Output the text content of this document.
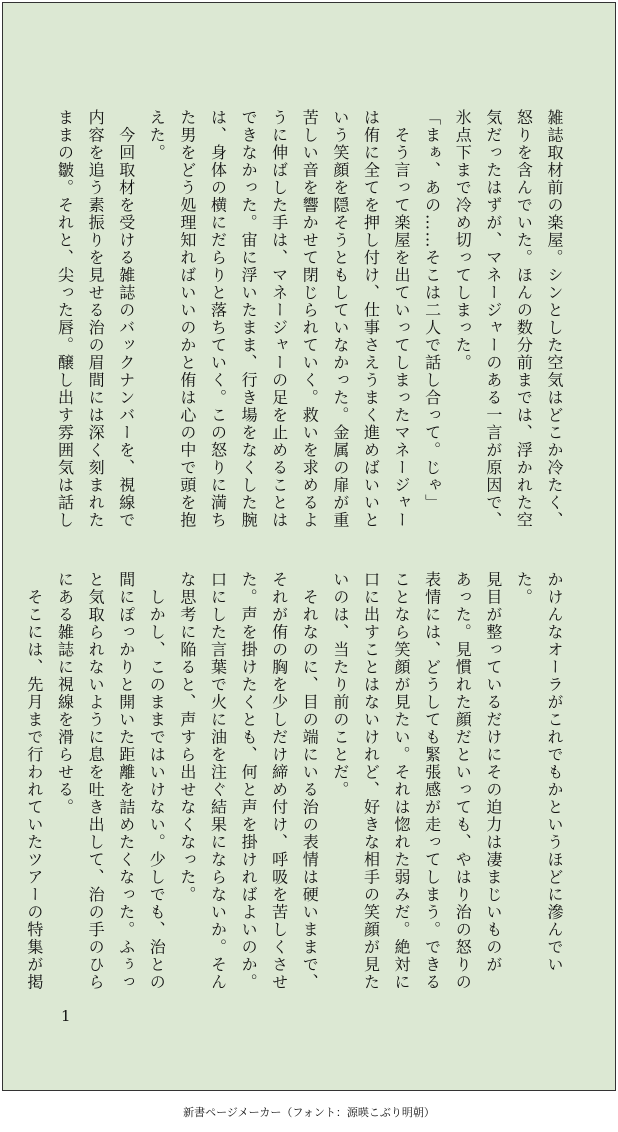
雑誌取材前の楽屋。シンとした空気はどこか冷たく、

怒りを含んでいた。ほんの数分前までは、浮かれた空

気だったはずが、マネージャーのある一言が原因で、

氷点下まで冷め切ってしまった。

「まぁ、あの……そこは二人で話し合って。じゃ」

　そう言って楽屋を出ていってしまったマネージャー

は侑に全てを押し付け、仕事さえうまく進めばいいと

いう笑顔を隠そうともしていなかった。金属の扉が重

苦しい音を響かせて閉じられていく。救いを求めるよ

うに伸ばした手は、マネージャーの足を止めることは

できなかった。宙に浮いたまま、行き場をなくした腕

は、身体の横にだらりと落ちていく。この怒りに満ち

た男をどう処理知ればいいのかと侑は心の中で頭を抱

えた。

　今回取材を受ける雑誌のバックナンバーを、視線で

内容を追う素振りを見せる治の眉間には深く刻まれた

ままの皺。それと、尖った唇。醸し出す雰囲気は話し

かけんなオーラがこれでもかというほどに滲んでいた。

見目が整っているだけにその迫力は凄まじいものが

あった。見慣れた顔だといっても、やはり治の怒りの

表情には、どうしても緊張感が走ってしまう。できる

ことなら笑顔が見たい。それは惚れた弱みだ。絶対に

口に出すことはないけれど、好きな相手の笑顔が見た

いのは、当たり前のことだ。

　それなのに、目の端にいる治の表情は硬いままで、

それが侑の胸を少しだけ締め付け、呼吸を苦しくさせ

た。声を掛けたくとも、何と声を掛ければよいのか。

口にした言葉で火に油を注ぐ結果にならないか。そん

な思考に陥ると、声すら出せなくなった。

　しかし、このままではいけない。少しでも、治との

間にぽっかりと開いた距離を詰めたくなった。ふぅっ

と気取られないように息を吐き出して、治の手のひら

にある雑誌に視線を滑らせる。

　そこには、先月まで行われていたツアーの特集が掲

1
新書ページメーカー（フォント：源暎こぶり明朝）
